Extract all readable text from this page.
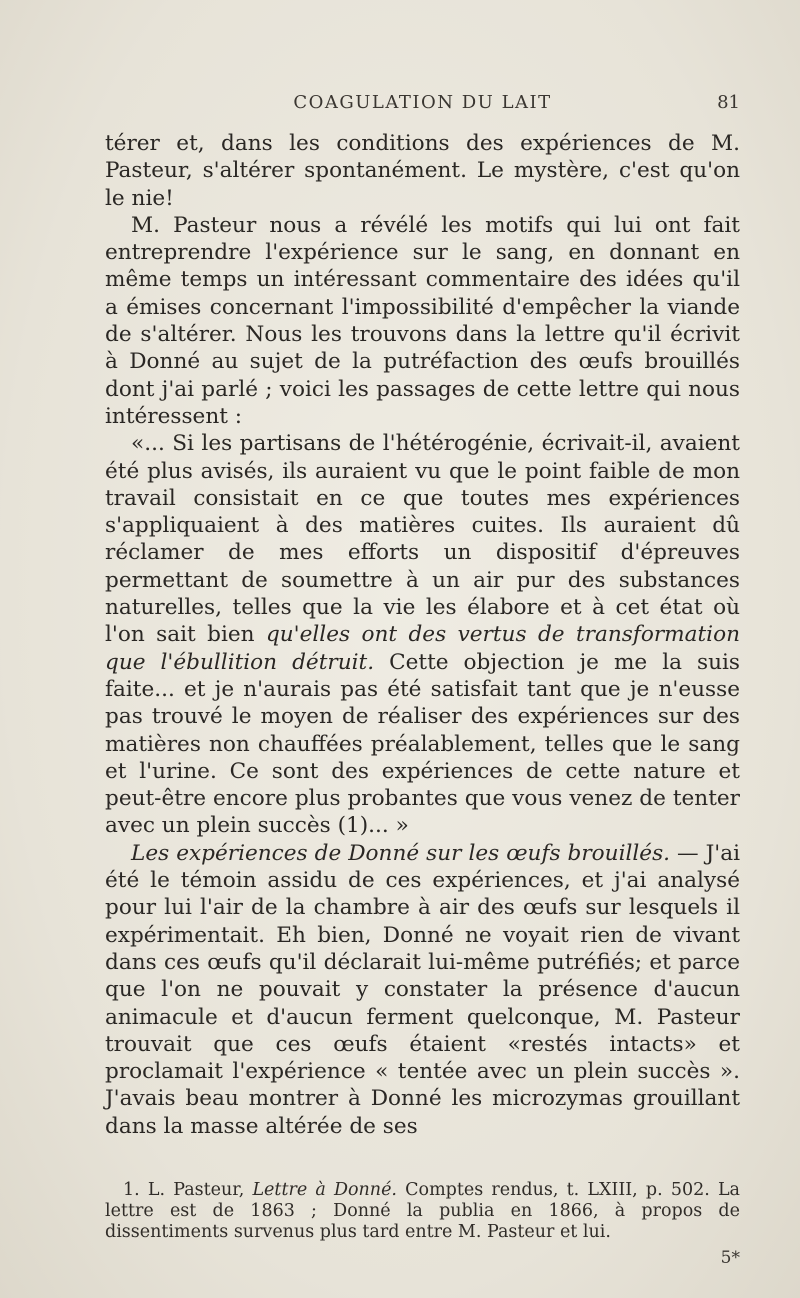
COAGULATION DU LAIT	81

térer et, dans les conditions des expériences de M. Pasteur, s'altérer spontanément. Le mystère, c'est qu'on le nie!

M. Pasteur nous a révélé les motifs qui lui ont fait entreprendre l'expérience sur le sang, en donnant en même temps un intéressant commentaire des idées qu'il a émises concernant l'impossibilité d'empêcher la viande de s'altérer. Nous les trouvons dans la lettre qu'il écrivit à Donné au sujet de la putréfaction des œufs brouillés dont j'ai parlé ; voici les passages de cette lettre qui nous intéressent :

«... Si les partisans de l'hétérogénie, écrivait-il, avaient été plus avisés, ils auraient vu que le point faible de mon travail consistait en ce que toutes mes expériences s'appliquaient à des matières cuites. Ils auraient dû réclamer de mes efforts un dispositif d'épreuves permettant de soumettre à un air pur des substances naturelles, telles que la vie les élabore et à cet état où l'on sait bien qu'elles ont des vertus de transformation que l'ébullition détruit. Cette objection je me la suis faite... et je n'aurais pas été satisfait tant que je n'eusse pas trouvé le moyen de réaliser des expériences sur des matières non chauffées préalablement, telles que le sang et l'urine. Ce sont des expériences de cette nature et peut-être encore plus probantes que vous venez de tenter avec un plein succès (1)... »

Les expériences de Donné sur les œufs brouillés. — J'ai été le témoin assidu de ces expériences, et j'ai analysé pour lui l'air de la chambre à air des œufs sur lesquels il expérimentait. Eh bien, Donné ne voyait rien de vivant dans ces œufs qu'il déclarait lui-même putréfiés; et parce que l'on ne pouvait y constater la présence d'aucun animacule et d'aucun ferment quelconque, M. Pasteur trouvait que ces œufs étaient «restés intacts» et proclamait l'expérience « tentée avec un plein succès ». J'avais beau montrer à Donné les microzymas grouillant dans la masse altérée de ses

1. L. Pasteur, Lettre à Donné. Comptes rendus, t. LXIII, p. 502. La lettre est de 1863 ; Donné la publia en 1866, à propos de dissentiments survenus plus tard entre M. Pasteur et lui.

5*
